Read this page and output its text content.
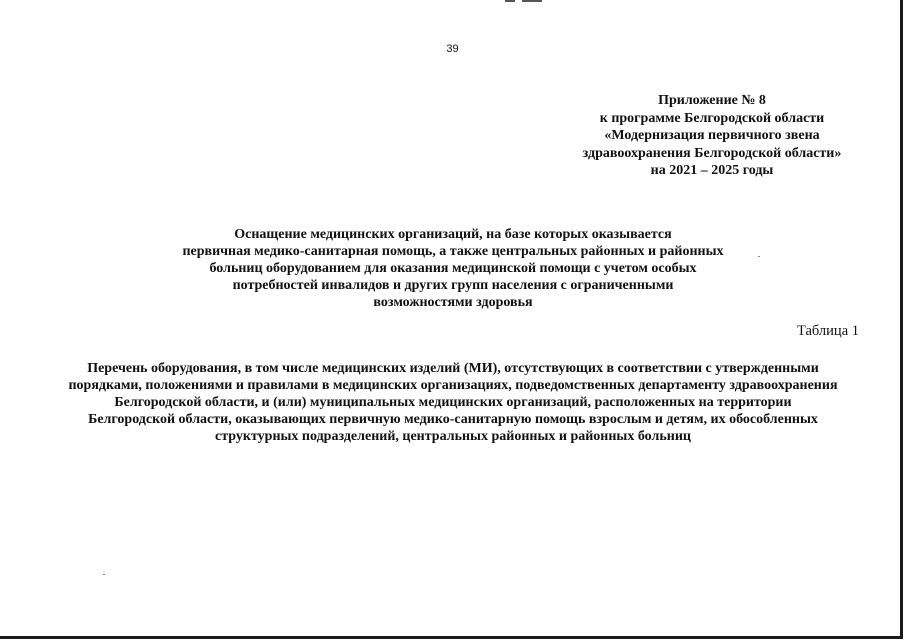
39
Приложение № 8
к программе Белгородской области
«Модернизация первичного звена
здравоохранения Белгородской области»
на 2021 – 2025 годы
Оснащение медицинских организаций, на базе которых оказывается
первичная медико-санитарная помощь, а также центральных районных и районных
больниц оборудованием для оказания медицинской помощи с учетом особых
потребностей инвалидов и других групп населения с ограниченными
возможностями здоровья
Таблица 1
Перечень оборудования, в том числе медицинских изделий (МИ), отсутствующих в соответствии с утвержденными
порядками, положениями и правилами в медицинских организациях, подведомственных департаменту здравоохранения
Белгородской области, и (или) муниципальных медицинских организаций, расположенных на территории
Белгородской области, оказывающих первичную медико-санитарную помощь взрослым и детям, их обособленных
структурных подразделений, центральных районных и районных больниц
